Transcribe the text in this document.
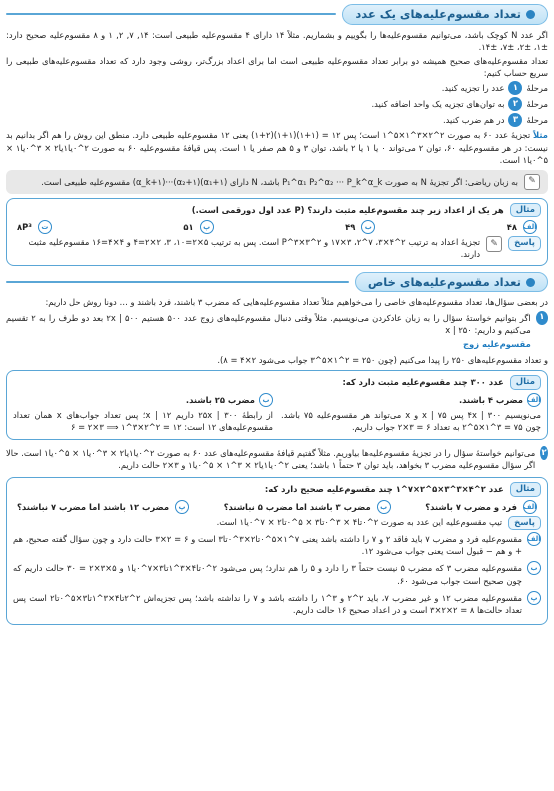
تعداد مقسوم‌علیه‌های یک عدد

اگر عدد N کوچک باشد، می‌توانیم مقسوم‌علیه‌ها را بگوییم و بشماریم. مثلاً ۱۴ دارای ۴ مقسوم‌علیه طبیعی است: ۱۴, ۷, ۲, ۱ و ۸ مقسوم‌علیه صحیح دارد: ±۱، ±۲، ±۷، ±۱۴.

تعداد مقسوم‌علیه‌های صحیح همیشه دو برابر تعداد مقسوم‌علیه طبیعی است اما برای اعداد بزرگ‌تر، روشی وجود دارد که تعداد مقسوم‌علیه‌های طبیعی را سریع حساب کنیم:

مرحلهٔ
۱
عدد را تجزیه کنید.
مرحلهٔ
۲
به توان‌های تجزیه یک واحد اضافه کنید.
مرحلهٔ
۳
در هم ضرب کنید.

مثلاً تجزیهٔ عدد ۶۰ به صورت ۲^۲×۳^۱×۵^۱ است؛ پس ۱۲ = (۱+۱)(۱+۱)(۲+۱) یعنی ۱۲ مقسوم‌علیه طبیعی دارد. منطق این روش را هم اگر بدانیم بد نیست: در هر مقسوم‌علیه ۶۰، توان ۲ می‌تواند ۰ یا ۱ یا ۲ باشد، توان ۳ و ۵ هم صفر یا ۱ است. پس قیافهٔ مقسوم‌علیه ۶۰ به صورت ۲^۰یا۱یا۲ × ۳^۰یا۱ × ۵^۰یا۱ است.

✎
به زبان ریاضی: اگر تجزیهٔ N به صورت P₁^α₁ P₂^α₂ ··· P_k^α_k باشد، N دارای (α₁+۱)(α₂+۱)···(α_k+۱) مقسوم‌علیه طبیعی است.
مثال
هر یک از اعداد زیر چند مقسوم‌علیه مثبت دارند؟ (P عدد اول دورقمی است.)
الف
۴۸
ب
۴۹
پ
۵۱
ت
۸P³
پاسخ
✎
تجزیهٔ اعداد به ترتیب ۲^۴×۳، ۷^۲، ۳×۱۷ و ۲^۳×P^۳ است. پس به ترتیب ۵×۲=۱۰، ۳، ۲×۲=۴ و ۴×۴=۱۶ مقسوم‌علیه مثبت دارند.
تعداد مقسوم‌علیه‌های خاص

در بعضی سؤال‌ها، تعداد مقسوم‌علیه‌های خاصی را می‌خواهیم مثلاً تعداد مقسوم‌علیه‌هایی که مضرب ۳ باشند، فرد باشند و … دونا روش حل داریم:

۱

اگر بتوانیم خواستهٔ سؤال را به زبان عادکردن می‌نویسیم. مثلاً وقتی دنبال مقسوم‌علیه‌های زوج عدد ۵۰۰ هستیم ۵۰۰ | ۲x بعد دو طرف را به ۲ تقسیم می‌کنیم و داریم: ۲۵۰ | x

مقسوم‌علیه زوج

و تعداد مقسوم‌علیه‌های ۲۵۰ را پیدا می‌کنیم (چون ۲۵۰ = ۲^۱×۵^۳ جواب می‌شود ۲×۴ = ۸).

مثال
عدد ۳۰۰ چند مقسوم‌علیه مثبت دارد که:
الف
مضرب ۴ باشند.

می‌نویسیم ۳۰۰ | ۴x پس ۷۵ | x و x می‌تواند هر مقسوم‌علیه ۷۵ باشد. چون ۷۵ = ۳^۱×۵^۲ به تعداد ۶ = ۳×۲ جواب داریم.

ب
مضرب ۲۵ باشند.

از رابطهٔ ۳۰۰ | ۲۵x داریم ۱۲ | x؛ پس تعداد جواب‌های x همان تعداد مقسوم‌علیه‌های ۱۲ است: ۱۲ = ۲^۲×۳^۱ ⟹ ۳×۲ = ۶

۲

می‌توانیم خواستهٔ سؤال را در تجزیهٔ مقسوم‌علیه‌ها بیاوریم. مثلاً گفتیم قیافهٔ مقسوم‌علیه‌های عدد ۶۰ به صورت ۲^۰یا۱یا۲ × ۳^۰یا۱ × ۵^۰یا۱ است. حالا اگر سؤال مقسوم‌علیه مضرب ۳ بخواهد، باید توان ۳ حتماً ۱ باشد؛ یعنی ۲^۰یا۱یا۲ × ۳^۱ × ۵^۰یا۱ و ۳×۲ حالت داریم.

مثال
عدد ۲^۴×۳^۳×۵^۲×۷^۱ چند مقسوم‌علیه صحیح دارد که:
الف
فرد و مضرب ۷ باشند؟
ب
مضرب ۳ باشند اما مضرب ۵ نباشند؟
پ
مضرب ۱۲ باشند اما مضرب ۷ نباشند؟
پاسخ
تیپ مقسوم‌علیه این عدد به صورت ۲^۰تا۴ × ۳^۰تا۳ × ۵^۰تا۲ × ۷^۰یا۱ است.
الف

مقسوم‌علیه فرد و مضرب ۷ باید فاقد ۲ و ۷ را داشته باشد یعنی ۷^۱×۵^۰تا۲×۳^۰تا۳ است و ۶ = ۲×۳ حالت دارد و چون سؤال گفته صحیح، هم + و هم − قبول است یعنی جواب می‌شود ۱۲.

ب

مقسوم‌علیه مضرب ۳ که مضرب ۵ نیست حتماً ۳ را دارد و ۵ را هم ندارد؛ پس می‌شود ۲^۰تا۴×۳^۱تا۳×۷^۰یا۱ و ۵×۳×۲ = ۳۰ حالت داریم که چون صحیح است جواب می‌شود ۶۰.

پ

مقسوم‌علیه مضرب ۱۲ و غیر مضرب ۷، باید ۲^۲ و ۳^۱ را داشته باشد و ۷ را نداشته باشد؛ پس تجزیه‌اش ۲^۲تا۴×۳^۱تا۳×۵^۰تا۲ است پس تعداد حالت‌ها ۸ = ۲×۲×۳ است و در اعداد صحیح ۱۶ حالت داریم.
